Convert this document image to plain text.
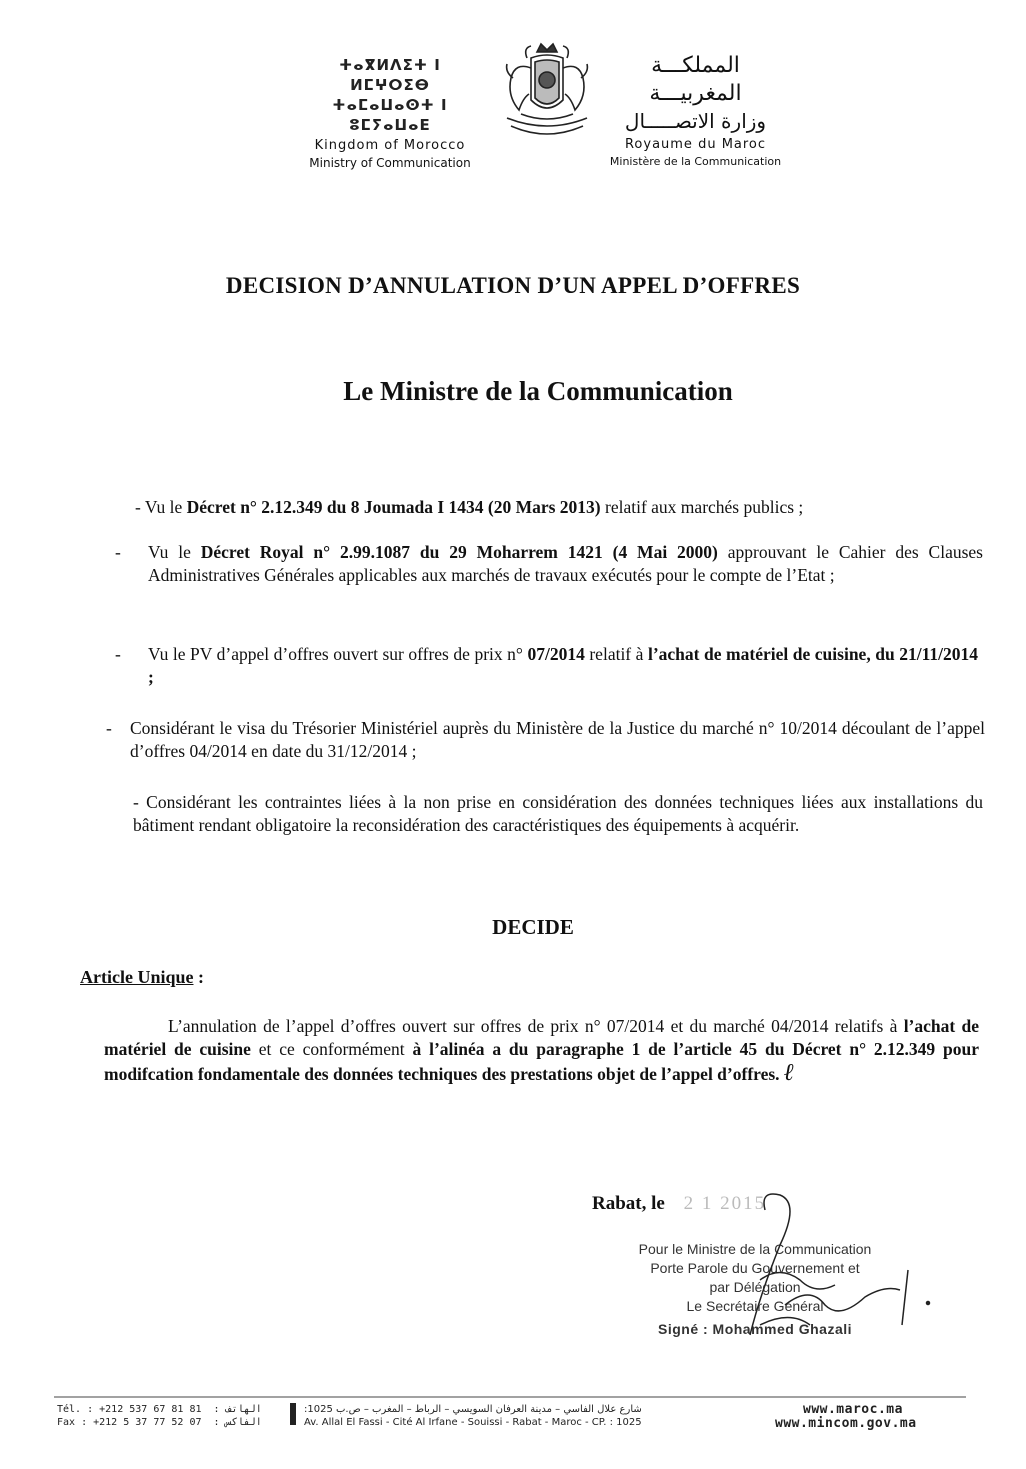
ⵜⴰⴳⵍⴷⵉⵜ ⵏ ⵍⵎⵖⵔⵉⴱ
ⵜⴰⵎⴰⵡⴰⵙⵜ ⵏ ⵓⵎⵢⴰⵡⴰⴹ
Kingdom of Morocco
Ministry of Communication
المملكـــة المغربيـــة
وزارة الاتصـــــال
Royaume du Maroc
Ministère de la Communication
DECISION D’ANNULATION D’UN APPEL D’OFFRES
Le Ministre de la Communication
- Vu le Décret n° 2.12.349 du 8 Joumada I 1434 (20 Mars 2013) relatif aux marchés publics ;
- Vu le Décret Royal n° 2.99.1087 du 29 Moharrem 1421 (4 Mai 2000) approuvant le Cahier des Clauses Administratives Générales applicables aux marchés de travaux exécutés pour le compte de l’Etat ;
- Vu le PV d’appel d’offres ouvert sur offres de prix n° 07/2014 relatif à l’achat de matériel de cuisine, du 21/11/2014 ;
- Considérant le visa du Trésorier Ministériel auprès du Ministère de la Justice du marché n° 10/2014 découlant de l’appel d’offres 04/2014 en date du 31/12/2014 ;
- Considérant les contraintes liées à la non prise en considération des données techniques liées aux installations du bâtiment rendant obligatoire la reconsidération des caractéristiques des équipements à acquérir.
DECIDE
Article Unique :
L’annulation de l’appel d’offres ouvert sur offres de prix n° 07/2014 et du marché 04/2014 relatifs à l’achat de matériel de cuisine et ce conformément à l’alinéa a du paragraphe 1 de l’article 45 du Décret n° 2.12.349 pour modifcation fondamentale des données techniques des prestations objet de l’appel d’offres. ℓ
Rabat, le 2 1 2015
Pour le Ministre de la Communication
Porte Parole du Gouvernement et
par Délégation
Le Secrétaire Général
Signé : Mohammed Ghazali
Tél. : +212 537 67 81 81 : الهاتف
Fax : +212 5 37 77 52 07 : الفاكس
شارع علال الفاسي – مدينة العرفان السويسي – الرباط – المغرب – ص.ب 1025:
Av. Allal El Fassi - Cité Al Irfane - Souissi - Rabat - Maroc - CP. : 1025
www.maroc.ma
www.mincom.gov.ma
